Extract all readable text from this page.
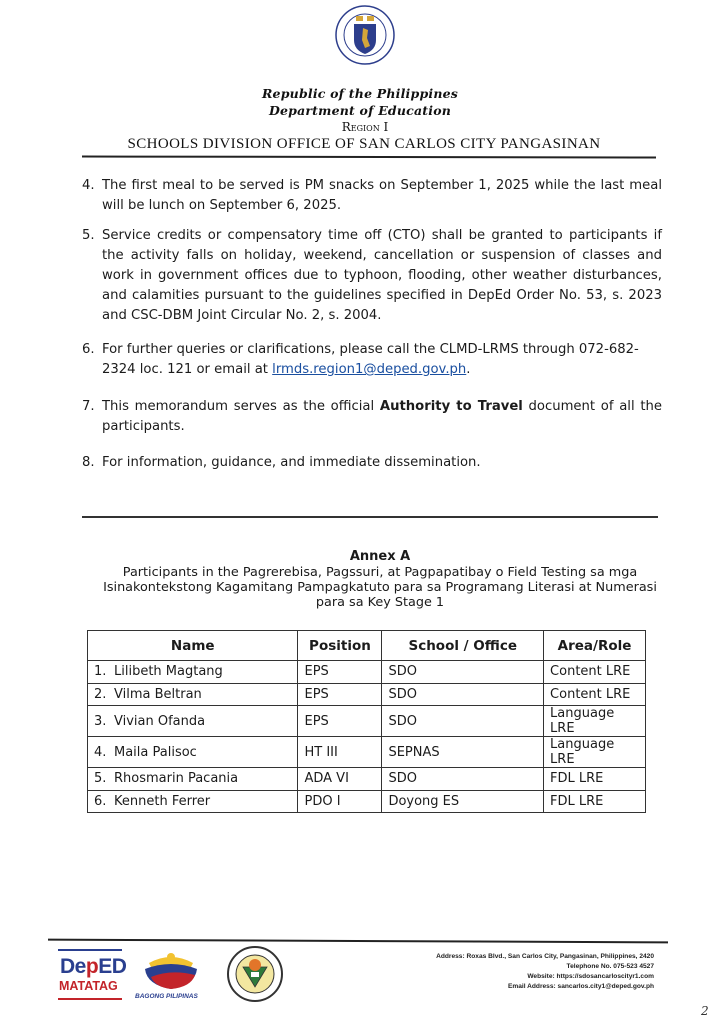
Republic of the Philippines
Department of Education
Region I
SCHOOLS DIVISION OFFICE OF SAN CARLOS CITY PANGASINAN
4. The first meal to be served is PM snacks on September 1, 2025 while the last meal will be lunch on September 6, 2025.
5. Service credits or compensatory time off (CTO) shall be granted to participants if the activity falls on holiday, weekend, cancellation or suspension of classes and work in government offices due to typhoon, flooding, other weather disturbances, and calamities pursuant to the guidelines specified in DepEd Order No. 53, s. 2023 and CSC-DBM Joint Circular No. 2, s. 2004.
6. For further queries or clarifications, please call the CLMD-LRMS through 072-682-2324 loc. 121 or email at lrmds.region1@deped.gov.ph.
7. This memorandum serves as the official Authority to Travel document of all the participants.
8. For information, guidance, and immediate dissemination.
Annex A
Participants in the Pagrerebisa, Pagssuri, at Pagpapatibay o Field Testing sa mga
Isinakontekstong Kagamitang Pampagkatuto para sa Programang Literasi at Numerasi
para sa Key Stage 1
Name	Position	School / Office	Area/Role
1. Lilibeth Magtang	EPS	SDO	Content LRE
2. Vilma Beltran	EPS	SDO	Content LRE
3. Vivian Ofanda	EPS	SDO	Language LRE
4. Maila Palisoc	HT III	SEPNAS	Language LRE
5. Rhosmarin Pacania	ADA VI	SDO	FDL LRE
6. Kenneth Ferrer	PDO I	Doyong ES	FDL LRE
DepED
MATATAG
BAGONG PILIPINAS
Address: Roxas Blvd., San Carlos City, Pangasinan, Philippines, 2420
Telephone No. 075-523 4527
Website: https://sdosancarloscityr1.com
Email Address: sancarlos.city1@deped.gov.ph
2
